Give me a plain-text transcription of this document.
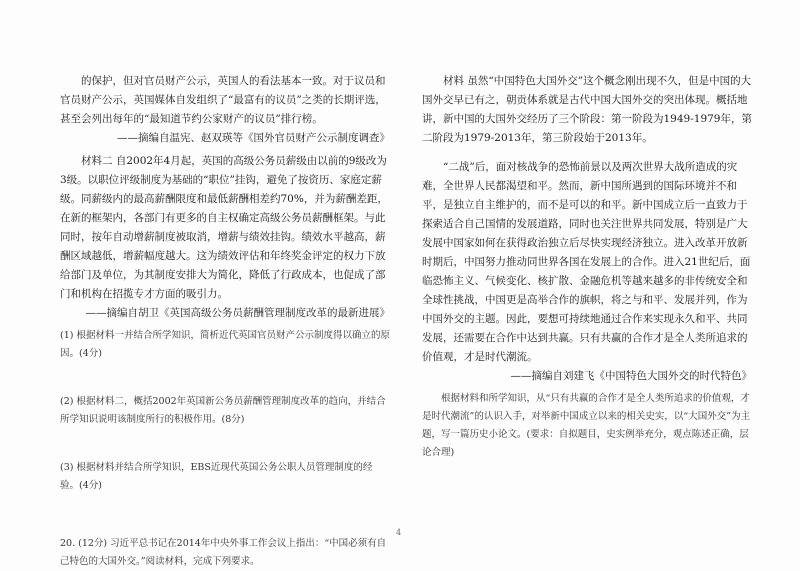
的保护，但对官员财产公示，英国人的看法基本一致。对于议员和官员财产公示，英国媒体自发组织了“最富有的议员”之类的长期评选，甚至会列出每年的“最知道节约公家财产的议员”排行榜。

——摘编自温宪、赵双瑛等《国外官员财产公示制度调查》

材料二 自2002年4月起，英国的高级公务员薪级由以前的9级改为3级。以职位评级制度为基础的“职位”挂钩，避免了按资历、家庭定薪级。同薪级内的最高薪酬限度和最低薪酬相差约70%，并为薪酬差距，在新的框架内，各部门有更多的自主权确定高级公务员薪酬框架。与此同时，按年自动增薪制度被取消，增薪与绩效挂钩。绩效水平越高，薪酬区域越低，增薪幅度越大。这为绩效评估和年终奖金评定的权力下放给部门及单位，为其制度安排大为简化，降低了行政成本，也促成了部门和机构在招揽专才方面的吸引力。

——摘编自胡卫《英国高级公务员薪酬管理制度改革的最新进展》

(1) 根据材料一并结合所学知识，简析近代英国官员财产公示制度得以确立的原因。(4分)

(2) 根据材料二，概括2002年英国新公务员薪酬管理制度改革的趋向，并结合所学知识说明该制度所行的积极作用。(8分)

(3) 根据材料并结合所学知识，EBS近现代英国公务公职人员管理制度的经验。(4分)

20. (12分) 习近平总书记在2014年中央外事工作会议上指出：“中国必须有自己特色的大国外交。”阅读材料，完成下列要求。

材料 虽然“中国特色大国外交”这个概念刚出现不久，但是中国的大国外交早已有之，朝贡体系就是古代中国大国外交的突出体现。概括地讲，新中国的大国外交经历了三个阶段：第一阶段为1949-1979年，第二阶段为1979-2013年，第三阶段始于2013年。

“二战”后，面对核战争的恐怖前景以及两次世界大战所造成的灾难，全世界人民都渴望和平。然而，新中国所遇到的国际环境并不和平，是独立自主维护的，而不是可以的和平。新中国成立后一直致力于探索适合自己国情的发展道路，同时也关注世界共同发展，特别是广大发展中国家如何在获得政治独立后尽快实现经济独立。进入改革开放新时期后，中国努力推动同世界各国在发展上的合作。进入21世纪后，面临恐怖主义、气候变化、核扩散、金融危机等越来越多的非传统安全和全球性挑战，中国更是高举合作的旗帜，将之与和平、发展并列，作为中国外交的主题。因此，要想可持续地通过合作来实现永久和平、共同发展，还需要在合作中达到共赢。只有共赢的合作才是全人类所追求的价值观，才是时代潮流。

——摘编自刘建飞《中国特色大国外交的时代特色》

根据材料和所学知识，从“只有共赢的合作才是全人类所追求的价值观，才是时代潮流”的认识入手，对举新中国成立以来的相关史实，以“大国外交”为主题，写一篇历史小论文。(要求：自拟题目，史实例举充分，观点陈述正确，层论合理)

4
